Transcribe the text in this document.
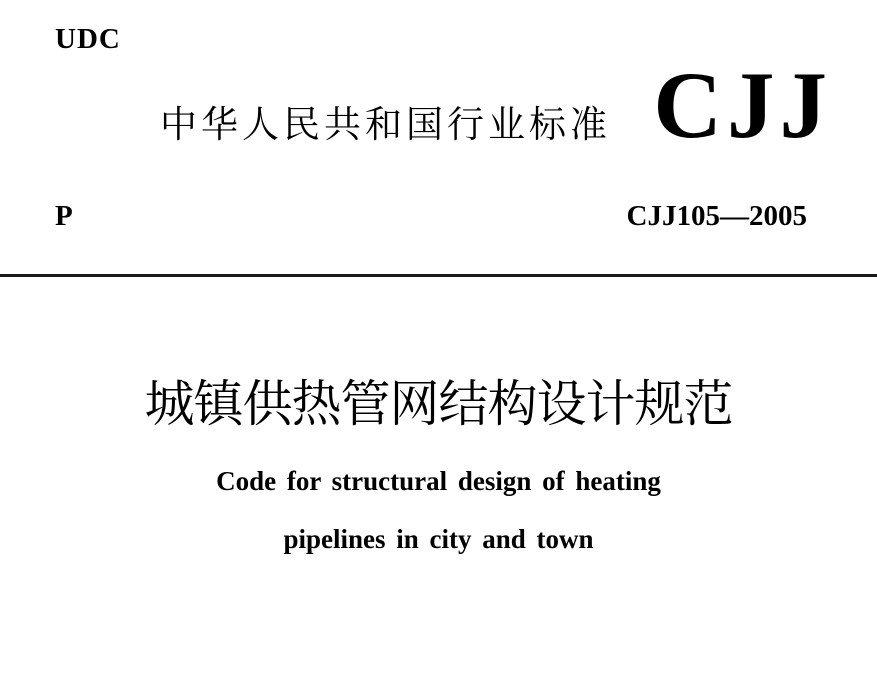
UDC
中华人民共和国行业标准 CJJ
P	CJJ105—2005
城镇供热管网结构设计规范
Code for structural design of heating
pipelines in city and town
